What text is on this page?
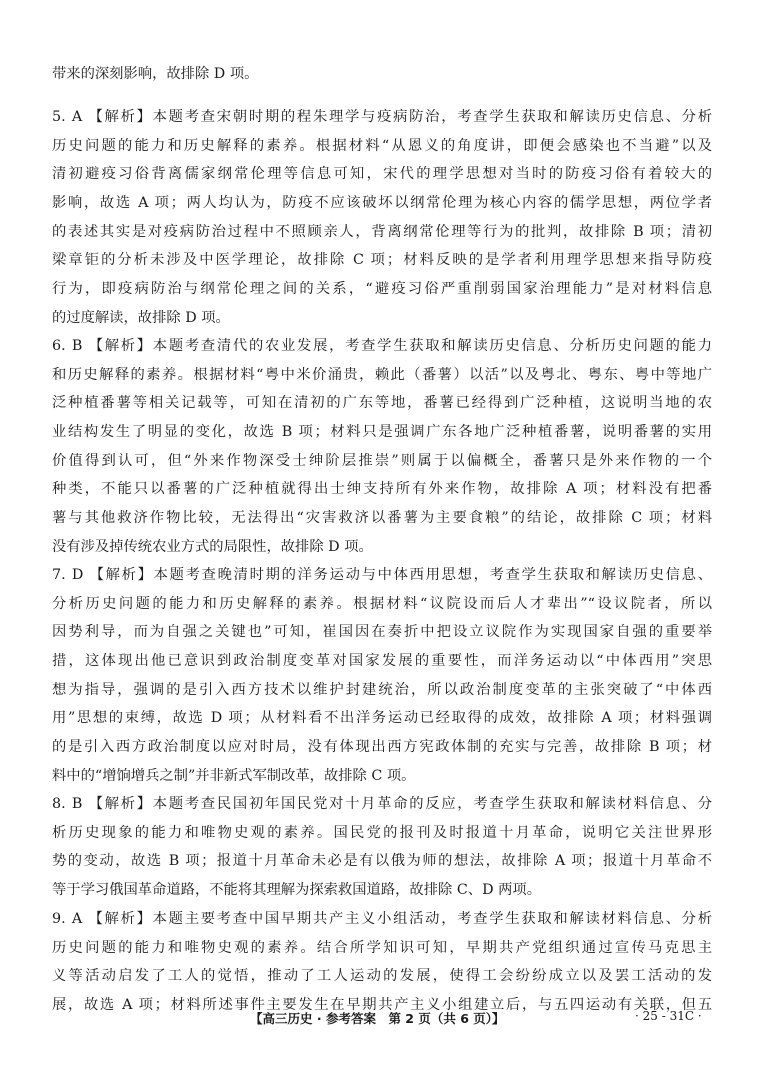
带来的深刻影响，故排除 D 项。
5. A 【解析】本题考查宋朝时期的程朱理学与疫病防治，考查学生获取和解读历史信息、分析
历史问题的能力和历史解释的素养。根据材料“从恩义的角度讲，即便会感染也不当避”以及
清初避疫习俗背离儒家纲常伦理等信息可知，宋代的理学思想对当时的防疫习俗有着较大的
影响，故选 A 项；两人均认为，防疫不应该破坏以纲常伦理为核心内容的儒学思想，两位学者
的表述其实是对疫病防治过程中不照顾亲人，背离纲常伦理等行为的批判，故排除 B 项；清初
梁章钜的分析未涉及中医学理论，故排除 C 项；材料反映的是学者利用理学思想来指导防疫
行为，即疫病防治与纲常伦理之间的关系，“避疫习俗严重削弱国家治理能力”是对材料信息
的过度解读，故排除 D 项。
6. B 【解析】本题考查清代的农业发展，考查学生获取和解读历史信息、分析历史问题的能力
和历史解释的素养。根据材料“粤中米价涌贵，赖此（番薯）以活”以及粤北、粤东、粤中等地广
泛种植番薯等相关记载等，可知在清初的广东等地，番薯已经得到广泛种植，这说明当地的农
业结构发生了明显的变化，故选 B 项；材料只是强调广东各地广泛种植番薯，说明番薯的实用
价值得到认可，但“外来作物深受士绅阶层推崇”则属于以偏概全，番薯只是外来作物的一个
种类，不能只以番薯的广泛种植就得出士绅支持所有外来作物，故排除 A 项；材料没有把番
薯与其他救济作物比较，无法得出“灾害救济以番薯为主要食粮”的结论，故排除 C 项；材料
没有涉及掉传统农业方式的局限性，故排除 D 项。
7. D 【解析】本题考查晚清时期的洋务运动与中体西用思想，考查学生获取和解读历史信息、
分析历史问题的能力和历史解释的素养。根据材料“议院设而后人才辈出”“设议院者，所以
因势利导，而为自强之关键也”可知，崔国因在奏折中把设立议院作为实现国家自强的重要举
措，这体现出他已意识到政治制度变革对国家发展的重要性，而洋务运动以“中体西用”突思
想为指导，强调的是引入西方技术以维护封建统治，所以政治制度变革的主张突破了“中体西
用”思想的束缚，故选 D 项；从材料看不出洋务运动已经取得的成效，故排除 A 项；材料强调
的是引入西方政治制度以应对时局，没有体现出西方宪政体制的充实与完善，故排除 B 项；材
料中的“增饷增兵之制”并非新式军制改革，故排除 C 项。
8. B 【解析】本题考查民国初年国民党对十月革命的反应，考查学生获取和解读材料信息、分
析历史现象的能力和唯物史观的素养。国民党的报刊及时报道十月革命，说明它关注世界形
势的变动，故选 B 项；报道十月革命未必是有以俄为师的想法，故排除 A 项；报道十月革命不
等于学习俄国革命道路，不能将其理解为探索救国道路，故排除 C、D 两项。
9. A 【解析】本题主要考查中国早期共产主义小组活动，考查学生获取和解读材料信息、分析
历史问题的能力和唯物史观的素养。结合所学知识可知，早期共产党组织通过宣传马克思主
义等活动启发了工人的觉悟，推动了工人运动的发展，使得工会纷纷成立以及罢工活动的发
展，故选 A 项；材料所述事件主要发生在早期共产主义小组建立后，与五四运动有关联，但五
【高三历史 · 参考答案　第 2 页（共 6 页）】	· 25 - 31C ·
